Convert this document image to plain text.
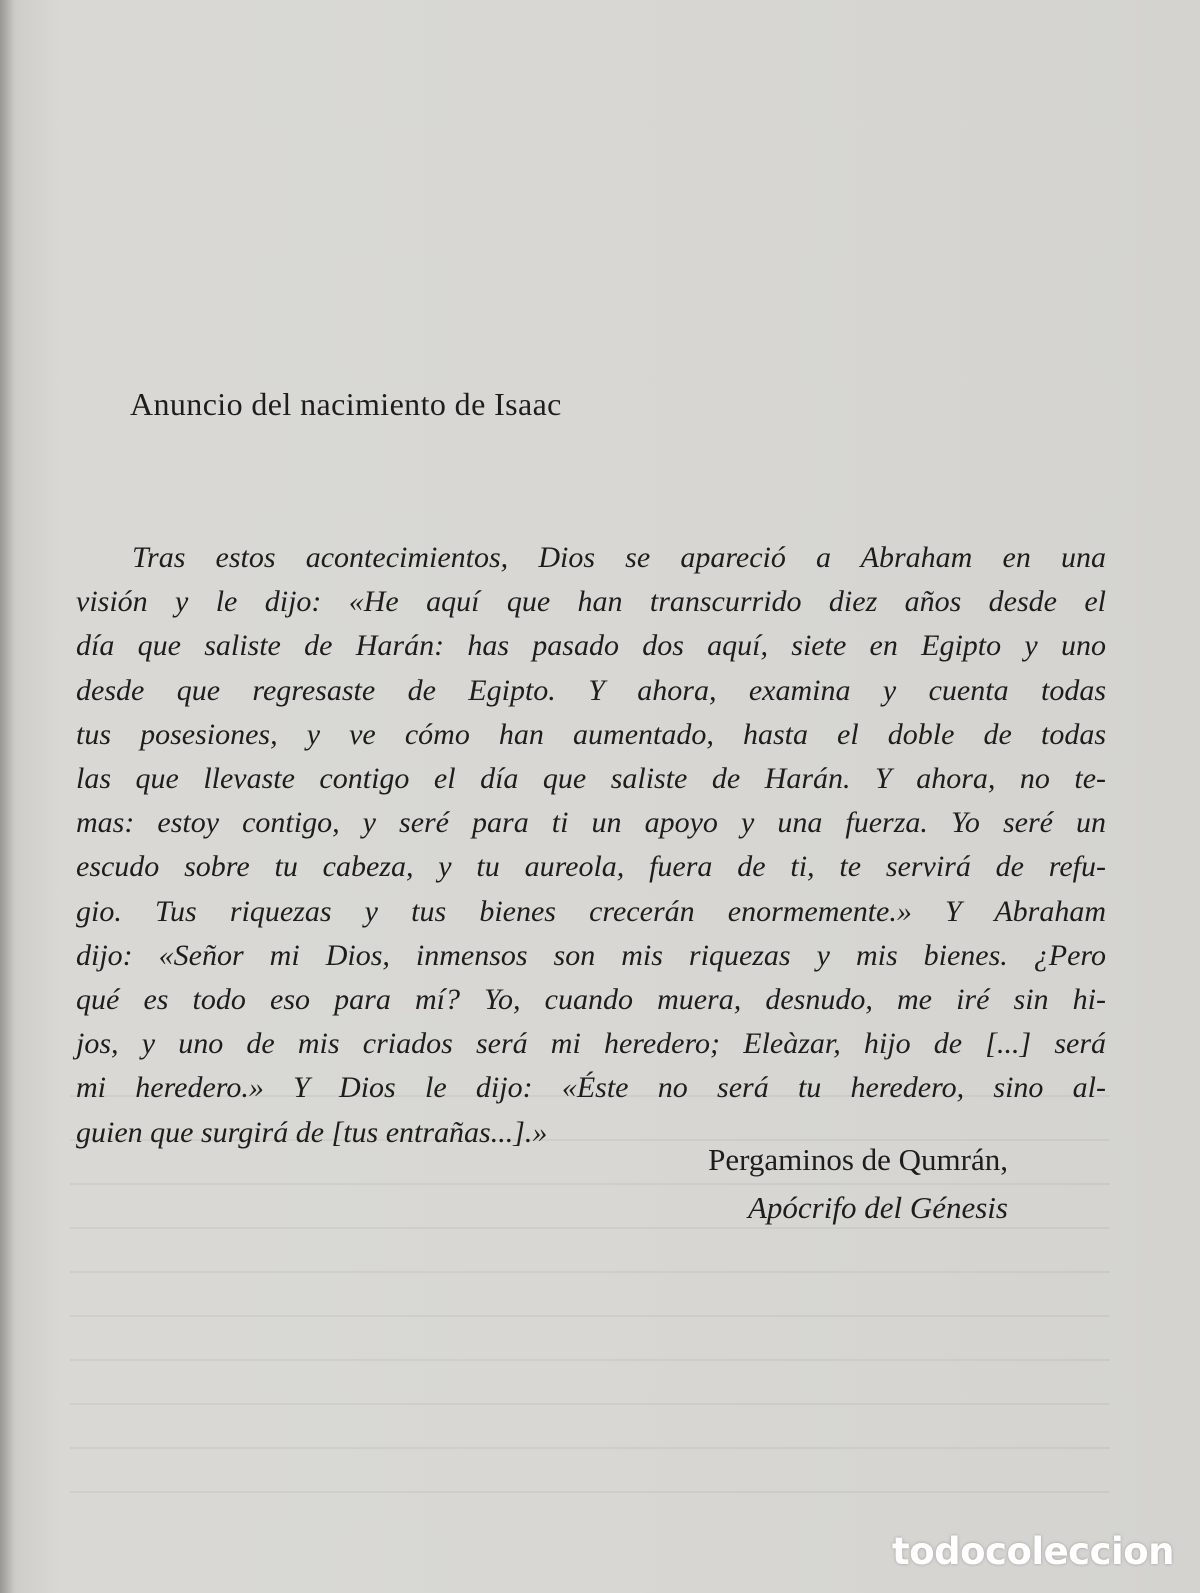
Anuncio del nacimiento de Isaac
Tras estos acontecimientos, Dios se apareció a Abraham en una
visión y le dijo: «He aquí que han transcurrido diez años desde el
día que saliste de Harán: has pasado dos aquí, siete en Egipto y uno
desde que regresaste de Egipto. Y ahora, examina y cuenta todas
tus posesiones, y ve cómo han aumentado, hasta el doble de todas
las que llevaste contigo el día que saliste de Harán. Y ahora, no te-
mas: estoy contigo, y seré para ti un apoyo y una fuerza. Yo seré un
escudo sobre tu cabeza, y tu aureola, fuera de ti, te servirá de refu-
gio. Tus riquezas y tus bienes crecerán enormemente.» Y Abraham
dijo: «Señor mi Dios, inmensos son mis riquezas y mis bienes. ¿Pero
qué es todo eso para mí? Yo, cuando muera, desnudo, me iré sin hi-
jos, y uno de mis criados será mi heredero; Eleàzar, hijo de [...] será
mi heredero.» Y Dios le dijo: «Éste no será tu heredero, sino al-
guien que surgirá de [tus entrañas...].»
Pergaminos de Qumrán,
Apócrifo del Génesis
todocoleccion
